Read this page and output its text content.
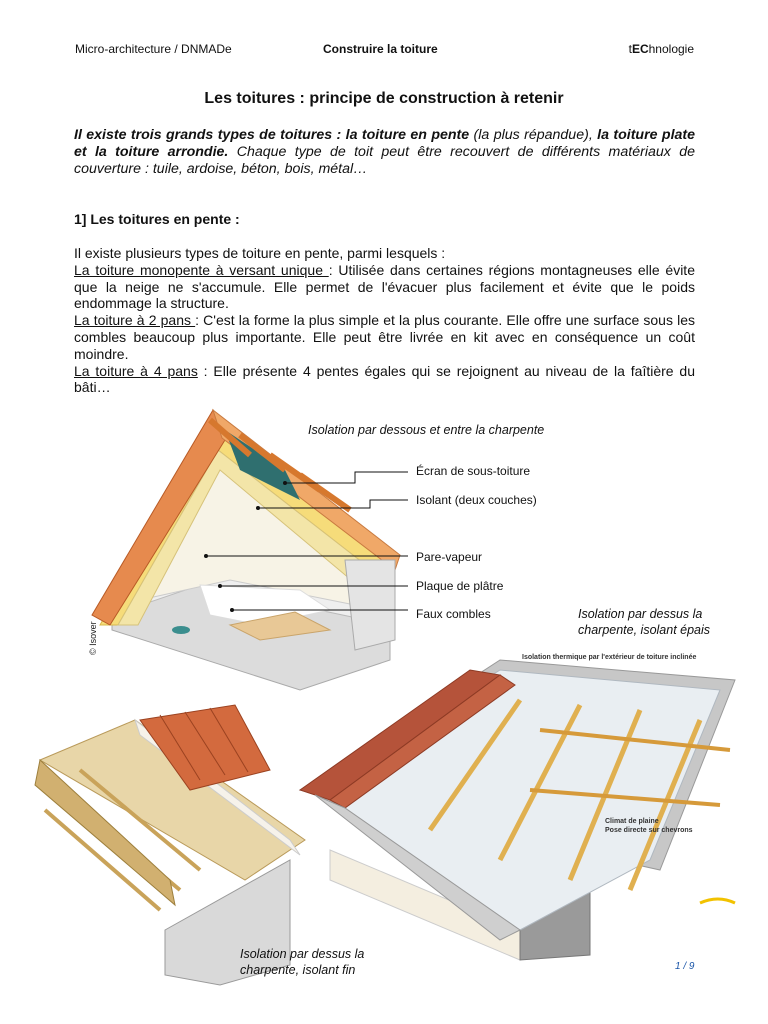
Micro-architecture / DNMADe	Construire la toiture	tEChnologie
Les toitures : principe de construction à retenir

Il existe trois grands types de toitures : la toiture en pente (la plus répandue), la toiture plate et la toiture arrondie. Chaque type de toit peut être recouvert de différents matériaux de couverture : tuile, ardoise, béton, bois, métal…

1] Les toitures en pente :

Il existe plusieurs types de toiture en pente, parmi lesquels :

La toiture monopente à versant unique : Utilisée dans certaines régions montagneuses elle évite que la neige ne s'accumule. Elle permet de l'évacuer plus facilement et évite que le poids endommage la structure.

La toiture à 2 pans : C'est la forme la plus simple et la plus courante. Elle offre une surface sous les combles beaucoup plus importante. Elle peut être livrée en kit avec en conséquence un coût moindre.

La toiture à 4 pans : Elle présente 4 pentes égales qui se rejoignent au niveau de la faîtière du bâti…

Isolation par dessous et entre la charpente
Écran de sous-toiture
Isolant (deux couches)
Pare-vapeur
Plaque de plâtre
Faux combles
© Isover
Isolation par dessus la
charpente, isolant épais
Isolation thermique par l'extérieur de toiture inclinée
Climat de plaine
Pose directe sur chevrons
Isolation par dessus la
charpente, isolant fin	1 / 9
